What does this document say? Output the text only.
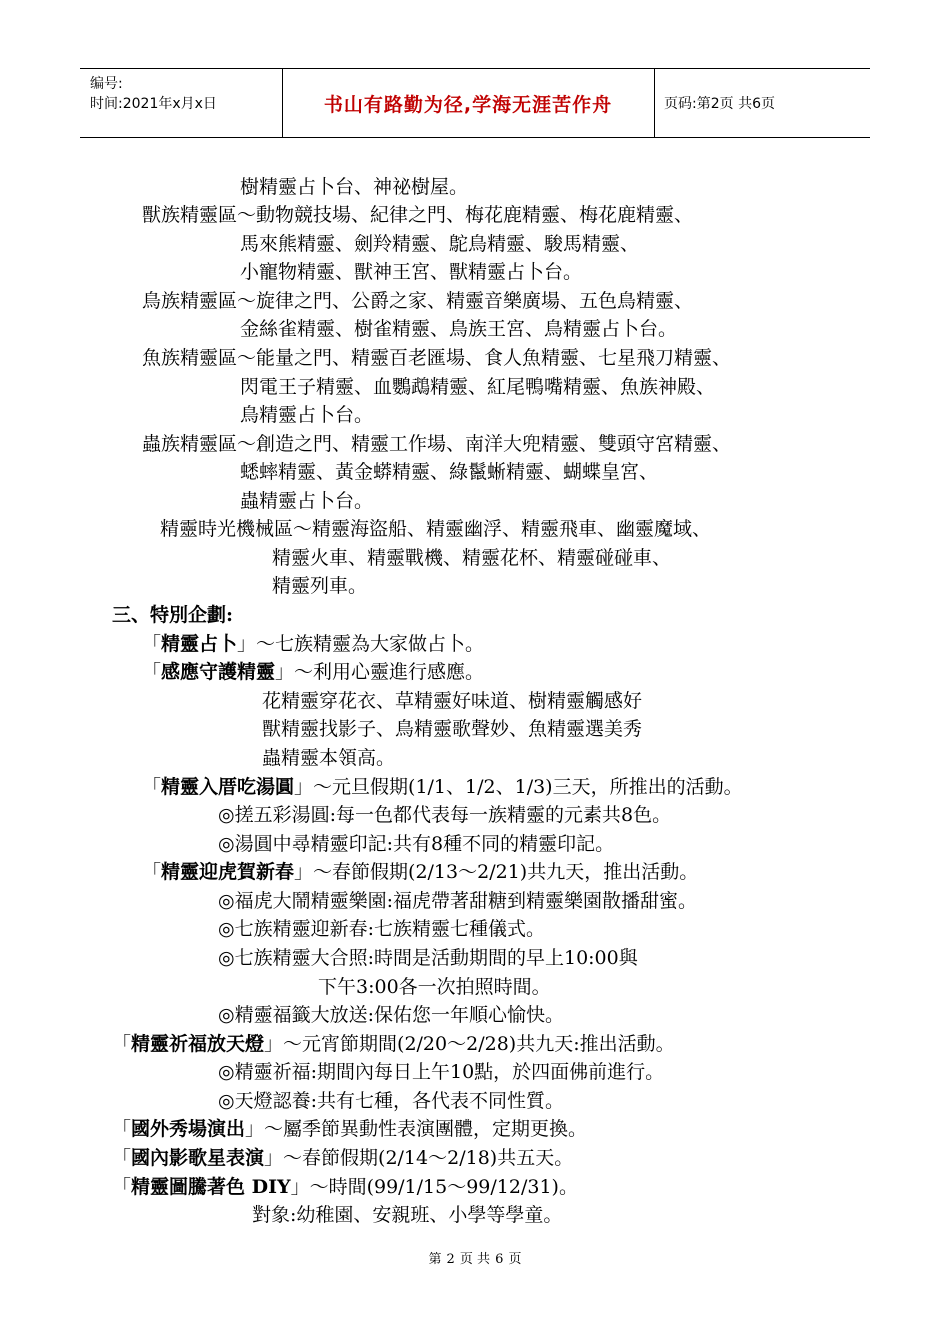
编号:
时间:2021年x月x日	书山有路勤为径,学海无涯苦作舟	页码:第2页 共6页
樹精靈占卜台、神祕樹屋。
獸族精靈區～動物競技場、紀律之門、梅花鹿精靈、梅花鹿精靈、
馬來熊精靈、劍羚精靈、鴕鳥精靈、駿馬精靈、
小寵物精靈、獸神王宮、獸精靈占卜台。
鳥族精靈區～旋律之門、公爵之家、精靈音樂廣場、五色鳥精靈、
金絲雀精靈、樹雀精靈、鳥族王宮、鳥精靈占卜台。
魚族精靈區～能量之門、精靈百老匯場、食人魚精靈、七星飛刀精靈、
閃電王子精靈、血鸚鵡精靈、紅尾鴨嘴精靈、魚族神殿、
鳥精靈占卜台。
蟲族精靈區～創造之門、精靈工作場、南洋大兜精靈、雙頭守宮精靈、
蟋蟀精靈、黃金蟒精靈、綠鬣蜥精靈、蝴蝶皇宮、
蟲精靈占卜台。
精靈時光機械區～精靈海盜船、精靈幽浮、精靈飛車、幽靈魔域、
精靈火車、精靈戰機、精靈花杯、精靈碰碰車、
精靈列車。
三、特別企劃:
「精靈占卜」～七族精靈為大家做占卜。
「感應守護精靈」～利用心靈進行感應。
花精靈穿花衣、草精靈好味道、樹精靈觸感好
獸精靈找影子、鳥精靈歌聲妙、魚精靈選美秀
蟲精靈本領高。
「精靈入厝吃湯圓」～元旦假期(1/1、1/2、1/3)三天，所推出的活動。
◎搓五彩湯圓:每一色都代表每一族精靈的元素共8色。
◎湯圓中尋精靈印記:共有8種不同的精靈印記。
「精靈迎虎賀新春」～春節假期(2/13～2/21)共九天，推出活動。
◎福虎大鬧精靈樂園:福虎帶著甜糖到精靈樂園散播甜蜜。
◎七族精靈迎新春:七族精靈七種儀式。
◎七族精靈大合照:時間是活動期間的早上10:00與
下午3:00各一次拍照時間。
◎精靈福籤大放送:保佑您一年順心愉快。
「精靈祈福放天燈」～元宵節期間(2/20～2/28)共九天:推出活動。
◎精靈祈福:期間內每日上午10點，於四面佛前進行。
◎天燈認養:共有七種，各代表不同性質。
「國外秀場演出」～屬季節異動性表演團體，定期更換。
「國內影歌星表演」～春節假期(2/14～2/18)共五天。
「精靈圖騰著色 DIY」～時間(99/1/15～99/12/31)。
對象:幼稚園、安親班、小學等學童。
第 2 页 共 6 页
